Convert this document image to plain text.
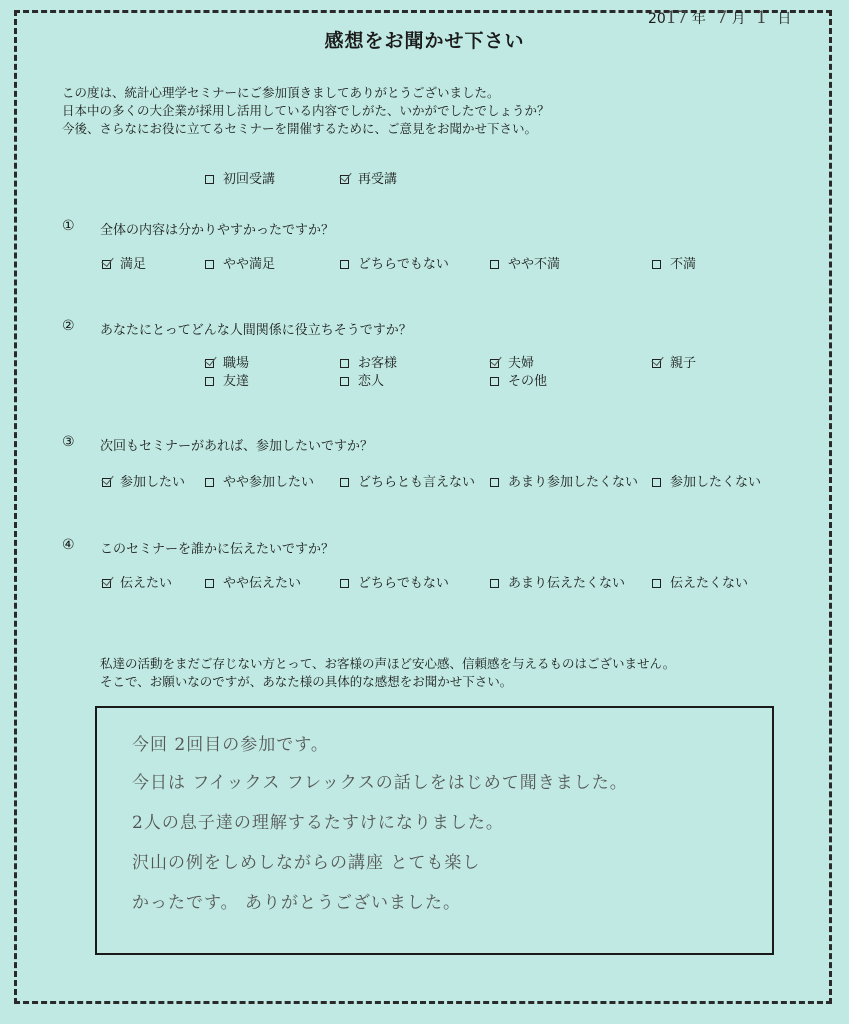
2017 年 7 月 1 日
感想をお聞かせ下さい
この度は、統計心理学セミナーにご参加頂きましてありがとうございました。
日本中の多くの大企業が採用し活用している内容でしがた、いかがでしたでしょうか？
今後、さらなにお役に立てるセミナーを開催するために、ご意見をお聞かせ下さい。
初回受講	再受講
① 全体の内容は分かりやすかったですか？
満足	やや満足	どちらでもない	やや不満	不満
② あなたにとってどんな人間関係に役立ちそうですか？
職場	お客様	夫婦	親子
友達	恋人	その他
③ 次回もセミナーがあれば、参加したいですか？
参加したい	やや参加したい	どちらとも言えない	あまり参加したくない	参加したくない
④ このセミナーを誰かに伝えたいですか？
伝えたい	やや伝えたい	どちらでもない	あまり伝えたくない	伝えたくない
私達の活動をまだご存じない方とって、お客様の声ほど安心感、信頼感を与えるものはございません。
そこで、お願いなのですが、あなた様の具体的な感想をお聞かせ下さい。
今回 2回目の参加です。
今日は フイックス フレックスの話しをはじめて聞きました。
2人の息子達の理解するたすけになりました。
沢山の例をしめしながらの講座 とても楽し
かったです。 ありがとうございました。
